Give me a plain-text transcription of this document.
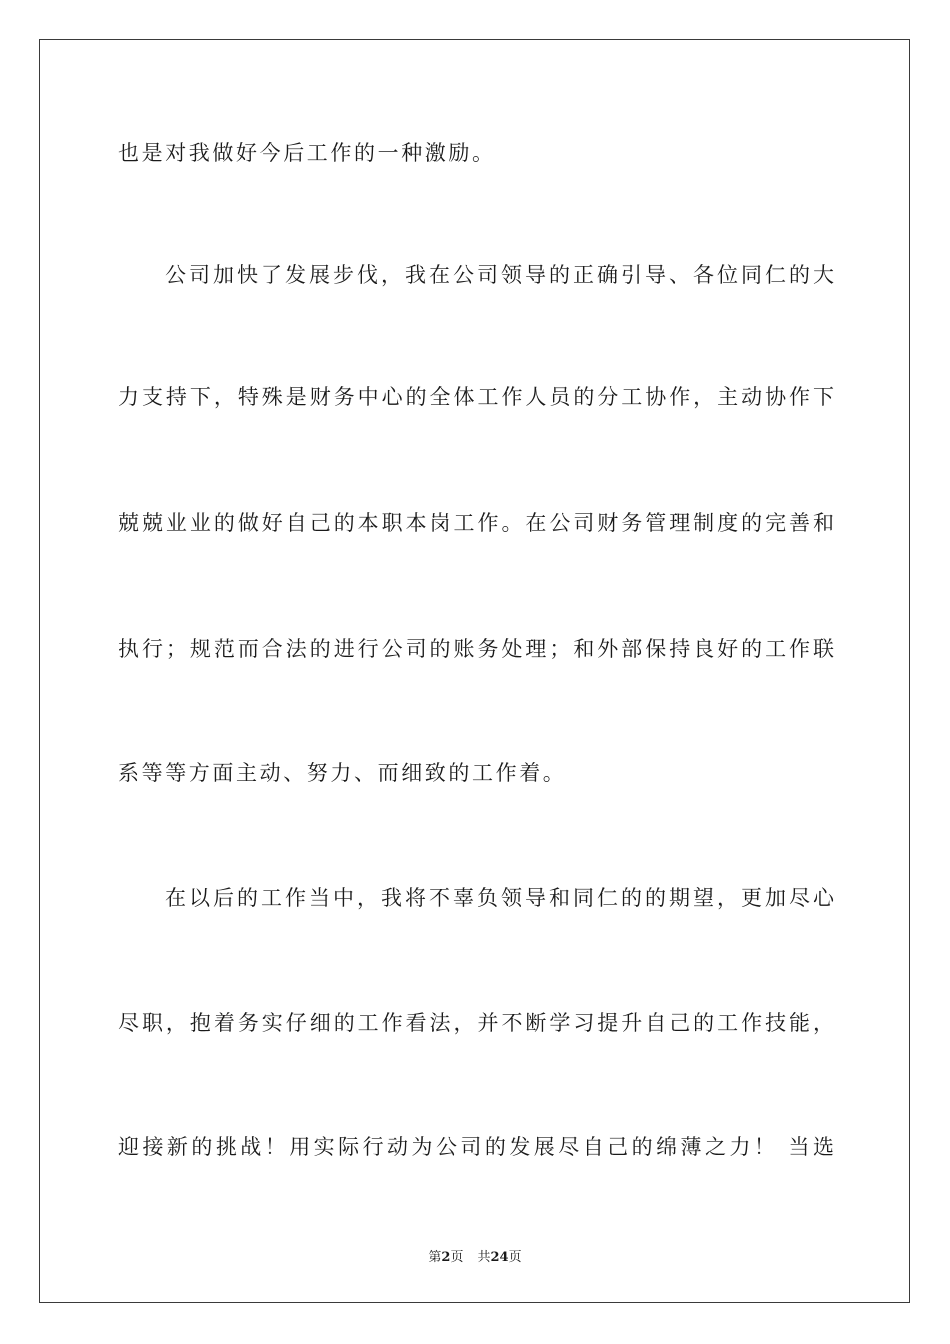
也是对我做好今后工作的一种激励。

公司加快了发展步伐，我在公司领导的正确引导、各位同仁的大

力支持下，特殊是财务中心的全体工作人员的分工协作，主动协作下

兢兢业业的做好自己的本职本岗工作。在公司财务管理制度的完善和

执行；规范而合法的进行公司的账务处理；和外部保持良好的工作联

系等等方面主动、努力、而细致的工作着。

在以后的工作当中，我将不辜负领导和同仁的的期望，更加尽心

尽职，抱着务实仔细的工作看法，并不断学习提升自己的工作技能，

迎接新的挑战！用实际行动为公司的发展尽自己的绵薄之力！ 当选

第2页 共24页
